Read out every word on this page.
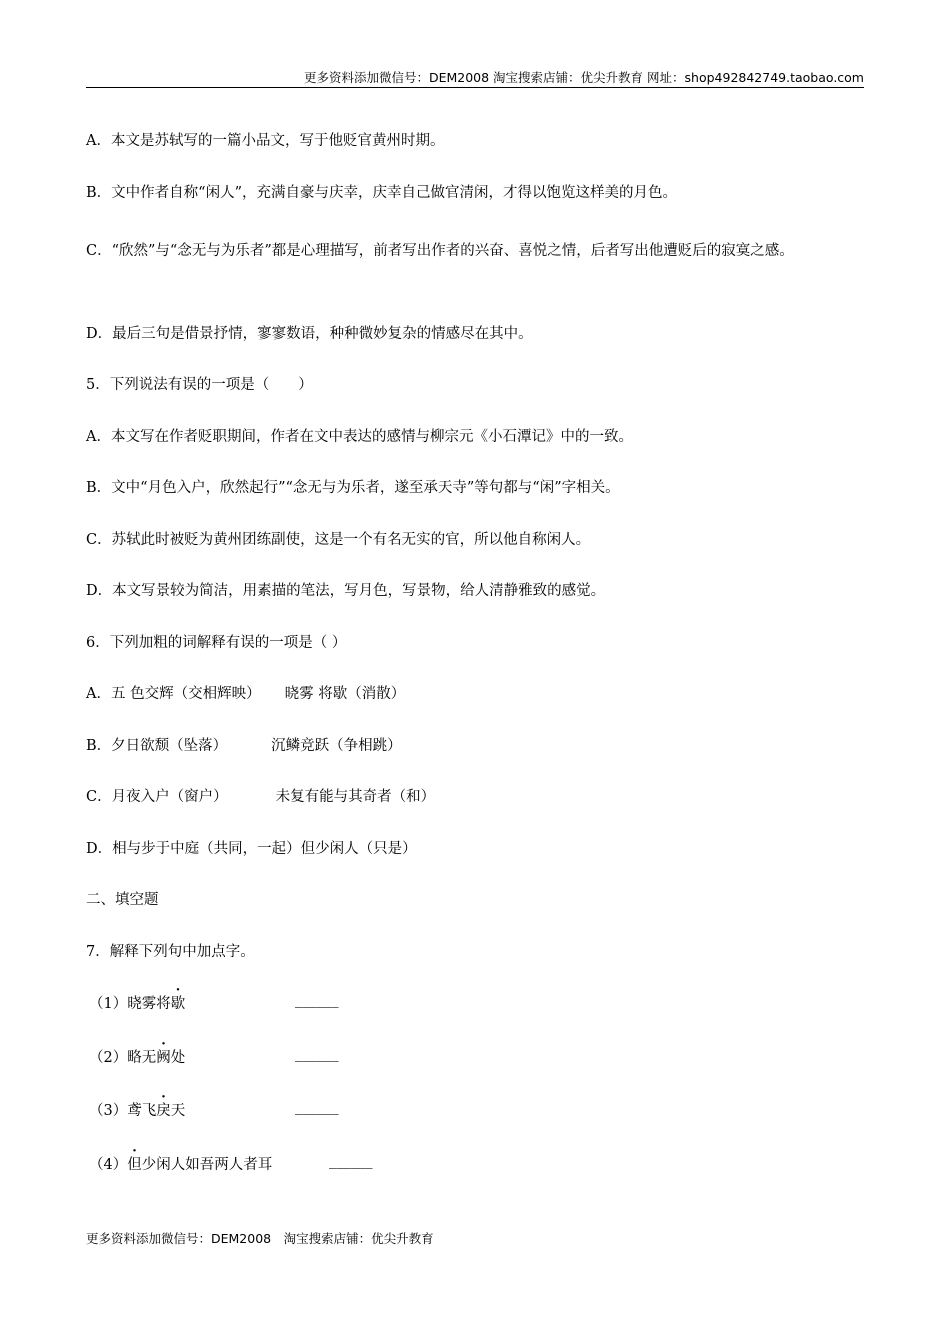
更多资料添加微信号：DEM2008 淘宝搜索店铺：优尖升教育 网址：shop492842749.taobao.com
A．本文是苏轼写的一篇小品文，写于他贬官黄州时期。
B．文中作者自称“闲人”，充满自豪与庆幸，庆幸自己做官清闲，才得以饱览这样美的月色。
C．“欣然”与“念无与为乐者”都是心理描写，前者写出作者的兴奋、喜悦之情，后者写出他遭贬后的寂寞之感。
D．最后三句是借景抒情，寥寥数语，种种微妙复杂的情感尽在其中。
5．下列说法有误的一项是（　　）
A．本文写在作者贬职期间，作者在文中表达的感情与柳宗元《小石潭记》中的一致。
B．文中“月色入户，欣然起行”“念无与为乐者，遂至承天寺”等句都与“闲”字相关。
C．苏轼此时被贬为黄州团练副使，这是一个有名无实的官，所以他自称闲人。
D．本文写景较为简洁，用素描的笔法，写月色，写景物，给人清静雅致的感觉。
6．下列加粗的词解释有误的一项是（ ）
A．五 色交辉（交相辉映） 晓雾 将歇（消散）
B．夕日欲颓（坠落）	沉鳞竞跃（争相跳）
C．月夜入户（窗户）	未复有能与其奇者（和）
D．相与步于中庭（共同，一起）但少闲人（只是）
二、填空题
7．解释下列句中加点字。
（1）晓雾将歇	______
（2）略无阙处	______
（3）鸢飞戾天	______
（4）但少闲人如吾两人者耳	______
更多资料添加微信号：DEM2008　淘宝搜索店铺：优尖升教育
